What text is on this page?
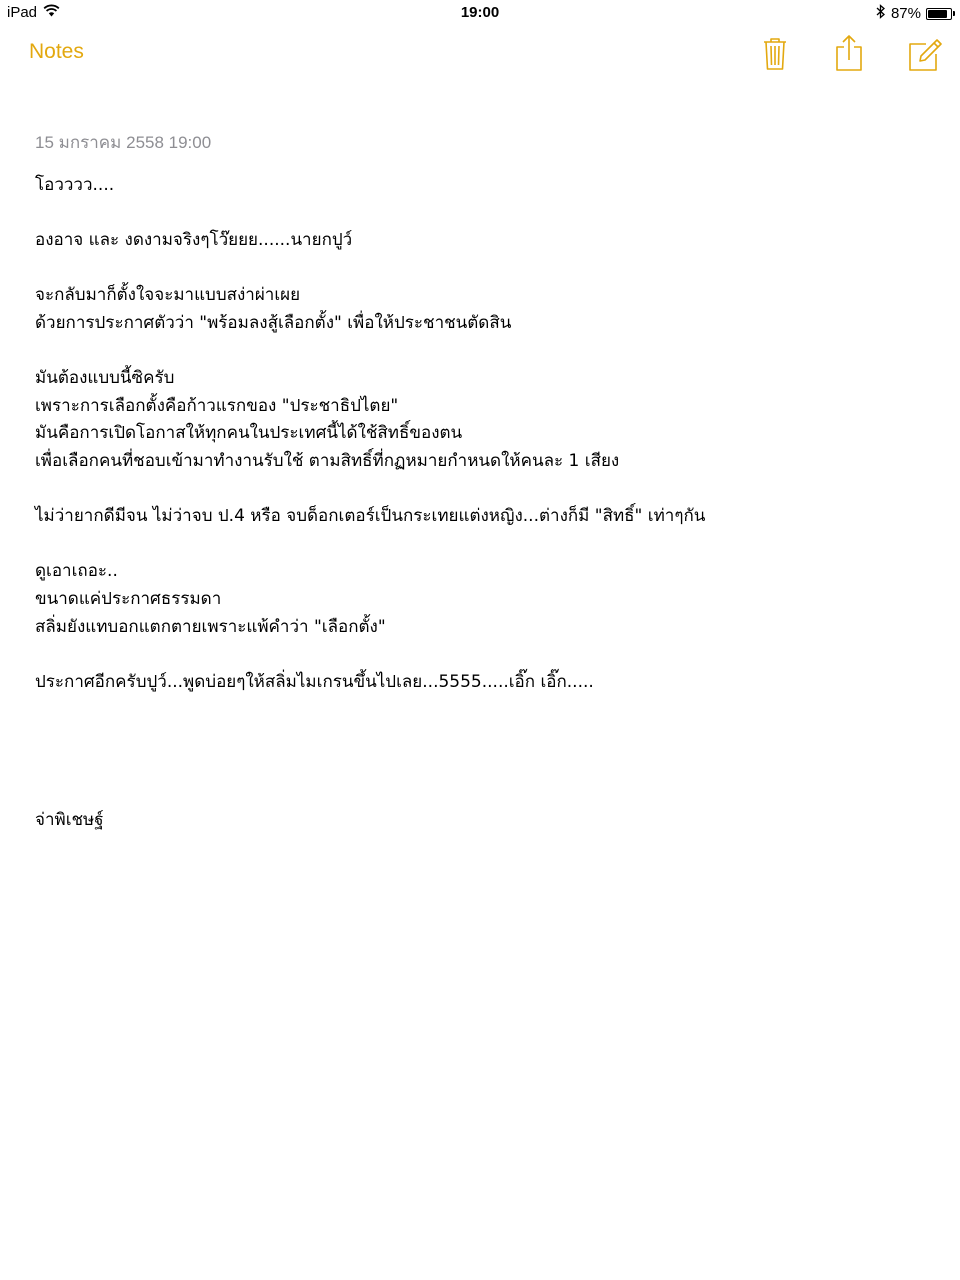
iPad	19:00	87%
Notes
15 มกราคม 2558 19:00
โอวววว....
องอาจ และ งดงามจริงๆโว๊ยยย......นายกปูว์
จะกลับมาก็ตั้งใจจะมาแบบสง่าผ่าเผย
ด้วยการประกาศตัวว่า "พร้อมลงสู้เลือกตั้ง" เพื่อให้ประชาชนตัดสิน
มันต้องแบบนี้ซิครับ
เพราะการเลือกตั้งคือก้าวแรกของ "ประชาธิปไตย"
มันคือการเปิดโอกาสให้ทุกคนในประเทศนี้ได้ใช้สิทธิ์ของตน
เพื่อเลือกคนที่ชอบเข้ามาทำงานรับใช้ ตามสิทธิ์ที่กฏหมายกำหนดให้คนละ 1 เสียง
ไม่ว่ายากดีมีจน ไม่ว่าจบ ป.4 หรือ จบด็อกเตอร์เป็นกระเทยแต่งหญิง...ต่างก็มี "สิทธิ์" เท่าๆกัน
ดูเอาเถอะ..
ขนาดแค่ประกาศธรรมดา
สลิ่มยังแทบอกแตกตายเพราะแพ้คำว่า "เลือกตั้ง"
ประกาศอีกครับปูว์...พูดบ่อยๆให้สลิ่มไมเกรนขึ้นไปเลย...5555.....เอิ๊ก เอิ๊ก.....
จ่าพิเชษฐ์
